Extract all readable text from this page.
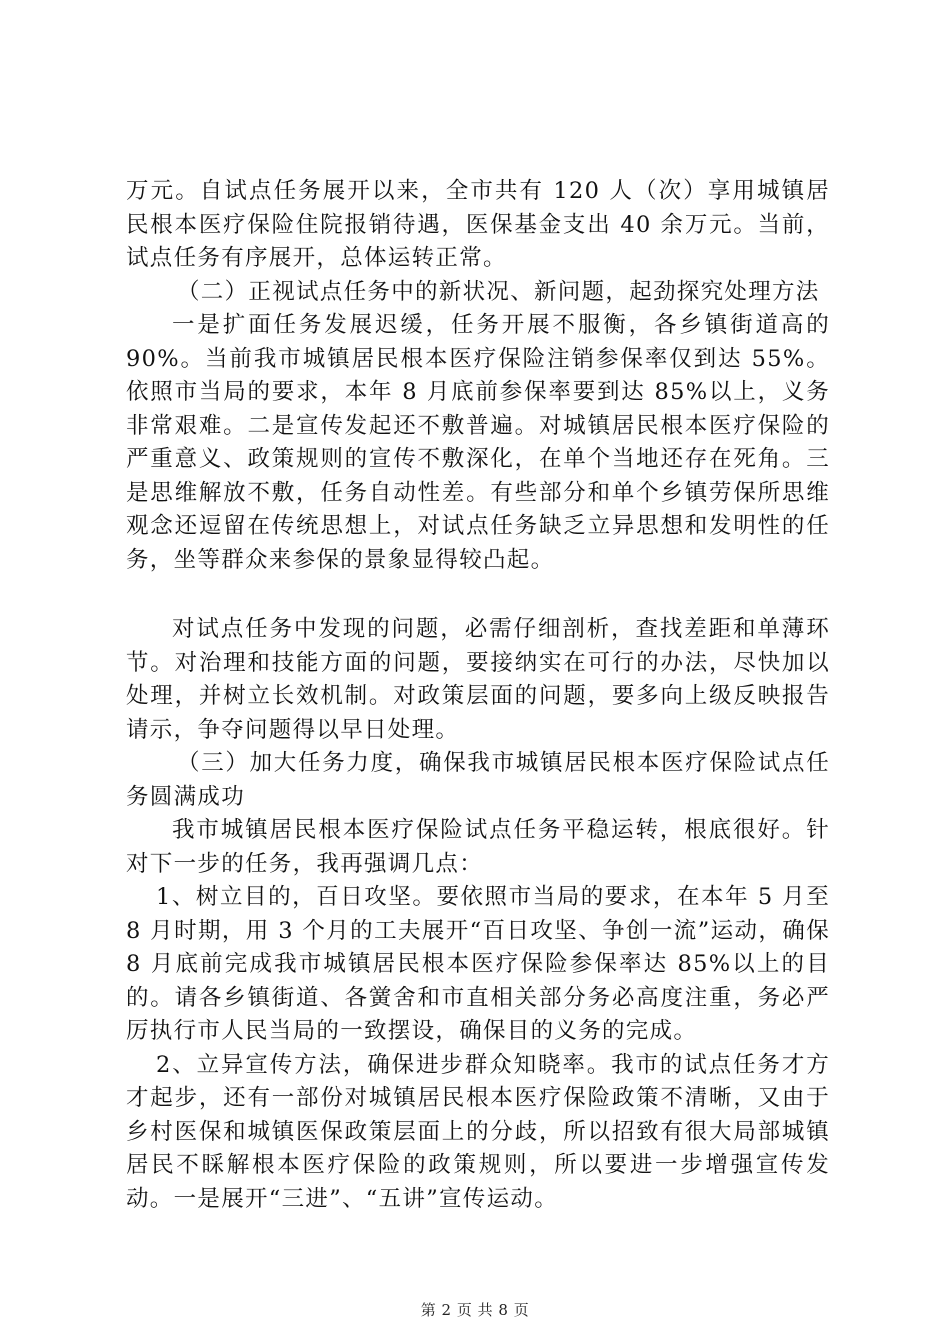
万元。自试点任务展开以来，全市共有 120 人（次）享用城镇居民根本医疗保险住院报销待遇，医保基金支出 40 余万元。当前，试点任务有序展开，总体运转正常。

（二）正视试点任务中的新状况、新问题，起劲探究处理方法

一是扩面任务发展迟缓，任务开展不服衡，各乡镇街道高的 90%。当前我市城镇居民根本医疗保险注销参保率仅到达 55%。依照市当局的要求，本年 8 月底前参保率要到达 85%以上，义务非常艰难。二是宣传发起还不敷普遍。对城镇居民根本医疗保险的严重意义、政策规则的宣传不敷深化，在单个当地还存在死角。三是思维解放不敷，任务自动性差。有些部分和单个乡镇劳保所思维观念还逗留在传统思想上，对试点任务缺乏立异思想和发明性的任务，坐等群众来参保的景象显得较凸起。

对试点任务中发现的问题，必需仔细剖析，查找差距和单薄环节。对治理和技能方面的问题，要接纳实在可行的办法，尽快加以处理，并树立长效机制。对政策层面的问题，要多向上级反映报告请示，争夺问题得以早日处理。

（三）加大任务力度，确保我市城镇居民根本医疗保险试点任务圆满成功

我市城镇居民根本医疗保险试点任务平稳运转，根底很好。针对下一步的任务，我再强调几点：

1、树立目的，百日攻坚。要依照市当局的要求，在本年 5 月至 8 月时期，用 3 个月的工夫展开“百日攻坚、争创一流”运动，确保 8 月底前完成我市城镇居民根本医疗保险参保率达 85%以上的目的。请各乡镇街道、各黉舍和市直相关部分务必高度注重，务必严厉执行市人民当局的一致摆设，确保目的义务的完成。

2、立异宣传方法，确保进步群众知晓率。我市的试点任务才方才起步，还有一部份对城镇居民根本医疗保险政策不清晰，又由于乡村医保和城镇医保政策层面上的分歧，所以招致有很大局部城镇居民不睬解根本医疗保险的政策规则，所以要进一步增强宣传发动。一是展开“三进”、“五讲”宣传运动。

第 2 页 共 8 页
